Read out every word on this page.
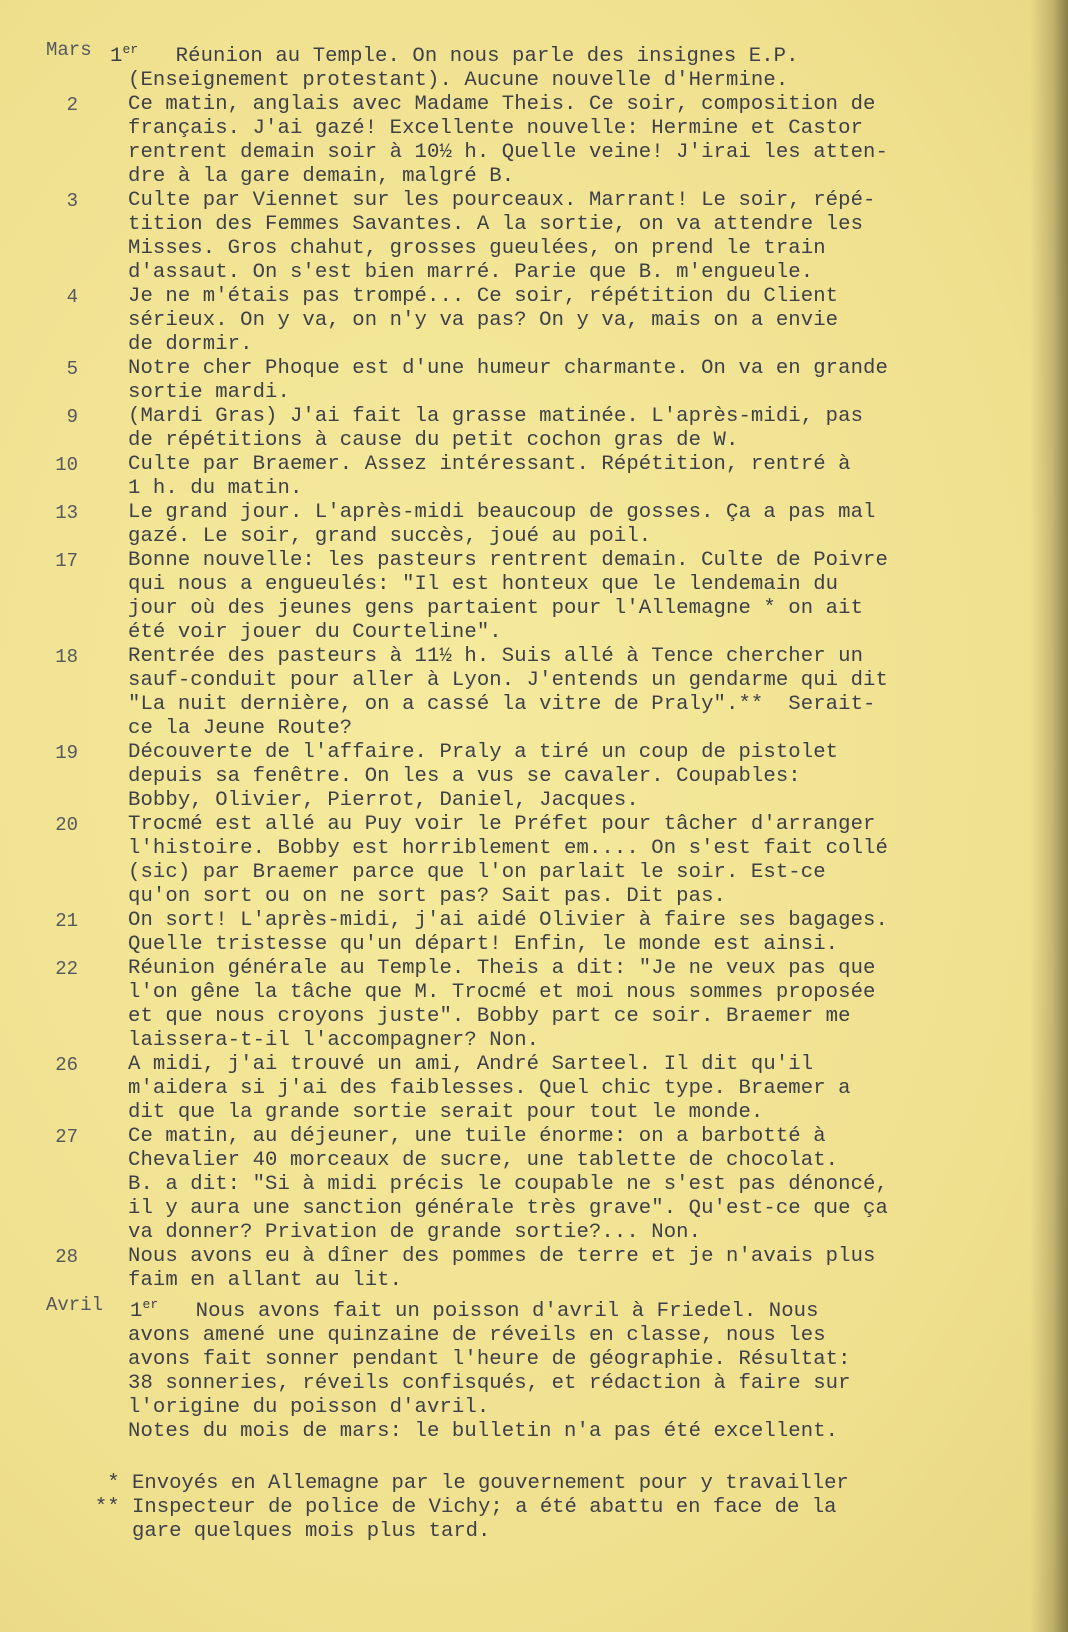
Mars 1er   Réunion au Temple. On nous parle des insignes E.P.
(Enseignement protestant). Aucune nouvelle d'Hermine.
2 Ce matin, anglais avec Madame Theis. Ce soir, composition de
français. J'ai gazé! Excellente nouvelle: Hermine et Castor
rentrent demain soir à 10½ h. Quelle veine! J'irai les atten-
dre à la gare demain, malgré B.
3 Culte par Viennet sur les pourceaux. Marrant! Le soir, répé-
tition des Femmes Savantes. A la sortie, on va attendre les
Misses. Gros chahut, grosses gueulées, on prend le train
d'assaut. On s'est bien marré. Parie que B. m'engueule.
4 Je ne m'étais pas trompé... Ce soir, répétition du Client
sérieux. On y va, on n'y va pas? On y va, mais on a envie
de dormir.
5 Notre cher Phoque est d'une humeur charmante. On va en grande
sortie mardi.
9 (Mardi Gras) J'ai fait la grasse matinée. L'après-midi, pas
de répétitions à cause du petit cochon gras de W.
10 Culte par Braemer. Assez intéressant. Répétition, rentré à
1 h. du matin.
13 Le grand jour. L'après-midi beaucoup de gosses. Ça a pas mal
gazé. Le soir, grand succès, joué au poil.
17 Bonne nouvelle: les pasteurs rentrent demain. Culte de Poivre
qui nous a engueulés: "Il est honteux que le lendemain du
jour où des jeunes gens partaient pour l'Allemagne * on ait
été voir jouer du Courteline".
18 Rentrée des pasteurs à 11½ h. Suis allé à Tence chercher un
sauf-conduit pour aller à Lyon. J'entends un gendarme qui dit
"La nuit dernière, on a cassé la vitre de Praly".**  Serait-
ce la Jeune Route?
19 Découverte de l'affaire. Praly a tiré un coup de pistolet
depuis sa fenêtre. On les a vus se cavaler. Coupables:
Bobby, Olivier, Pierrot, Daniel, Jacques.
20 Trocmé est allé au Puy voir le Préfet pour tâcher d'arranger
l'histoire. Bobby est horriblement em.... On s'est fait collé
(sic) par Braemer parce que l'on parlait le soir. Est-ce
qu'on sort ou on ne sort pas? Sait pas. Dit pas.
21 On sort! L'après-midi, j'ai aidé Olivier à faire ses bagages.
Quelle tristesse qu'un départ! Enfin, le monde est ainsi.
22 Réunion générale au Temple. Theis a dit: "Je ne veux pas que
l'on gêne la tâche que M. Trocmé et moi nous sommes proposée
et que nous croyons juste". Bobby part ce soir. Braemer me
laissera-t-il l'accompagner? Non.
26 A midi, j'ai trouvé un ami, André Sarteel. Il dit qu'il
m'aidera si j'ai des faiblesses. Quel chic type. Braemer a
dit que la grande sortie serait pour tout le monde.
27 Ce matin, au déjeuner, une tuile énorme: on a barbotté à
Chevalier 40 morceaux de sucre, une tablette de chocolat.
B. a dit: "Si à midi précis le coupable ne s'est pas dénoncé,
il y aura une sanction générale très grave". Qu'est-ce que ça
va donner? Privation de grande sortie?... Non.
28 Nous avons eu à dîner des pommes de terre et je n'avais plus
faim en allant au lit.
Avril 1er   Nous avons fait un poisson d'avril à Friedel. Nous
avons amené une quinzaine de réveils en classe, nous les
avons fait sonner pendant l'heure de géographie. Résultat:
38 sonneries, réveils confisqués, et rédaction à faire sur
l'origine du poisson d'avril.
Notes du mois de mars: le bulletin n'a pas été excellent.
* Envoyés en Allemagne par le gouvernement pour y travailler
** Inspecteur de police de Vichy; a été abattu en face de la
gare quelques mois plus tard.
